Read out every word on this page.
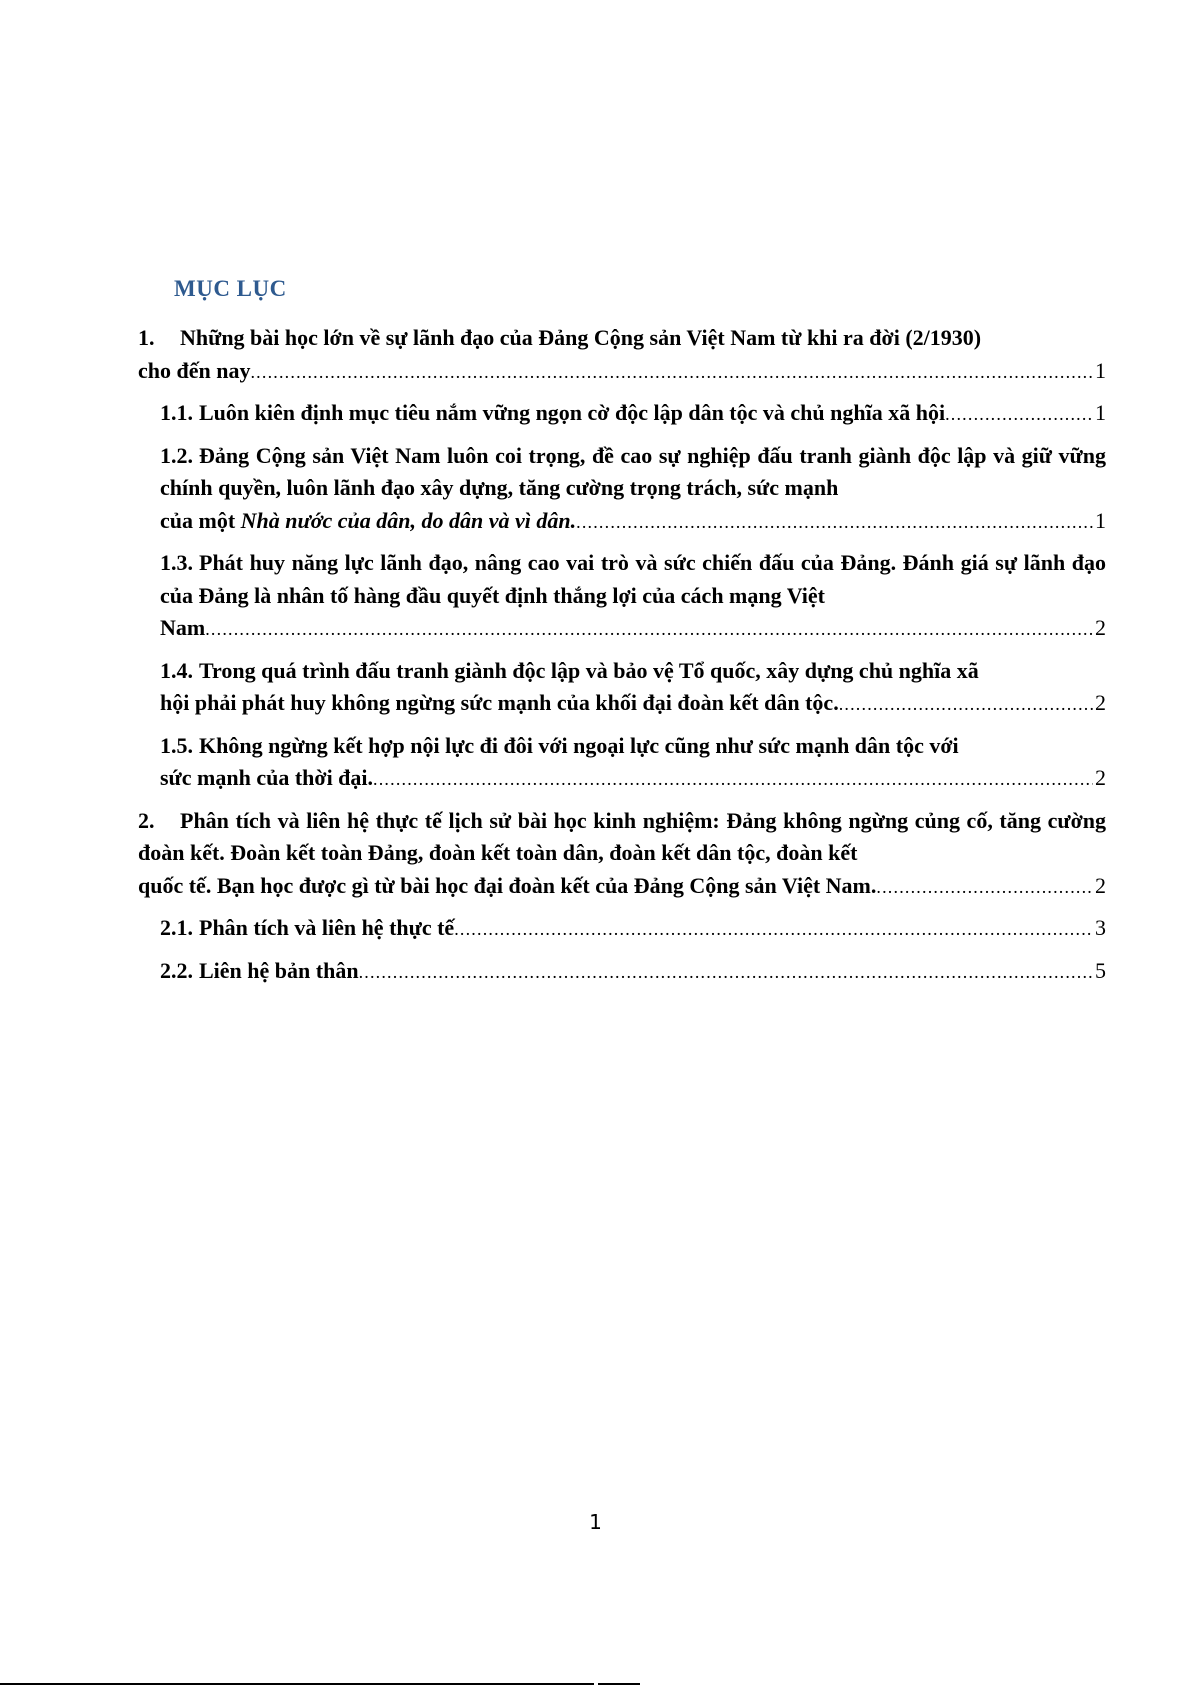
MỤC LỤC
1. Những bài học lớn về sự lãnh đạo của Đảng Cộng sản Việt Nam từ khi ra đời (2/1930)
cho đến nay .....	1
1.1. Luôn kiên định mục tiêu nắm vững ngọn cờ độc lập dân tộc và chủ nghĩa xã hội .....	1
1.2. Đảng Cộng sản Việt Nam luôn coi trọng, đề cao sự nghiệp đấu tranh giành độc lập và giữ vững chính quyền, luôn lãnh đạo xây dựng, tăng cường trọng trách, sức mạnh
của một Nhà nước của dân, do dân và vì dân. .....	1
1.3. Phát huy năng lực lãnh đạo, nâng cao vai trò và sức chiến đấu của Đảng. Đánh giá sự lãnh đạo của Đảng là nhân tố hàng đầu quyết định thắng lợi của cách mạng Việt
Nam .....	2
1.4. Trong quá trình đấu tranh giành độc lập và bảo vệ Tổ quốc, xây dựng chủ nghĩa xã
hội phải phát huy không ngừng sức mạnh của khối đại đoàn kết dân tộc. .....	2
1.5. Không ngừng kết hợp nội lực đi đôi với ngoại lực cũng như sức mạnh dân tộc với
sức mạnh của thời đại. .....	2
2. Phân tích và liên hệ thực tế lịch sử bài học kinh nghiệm: Đảng không ngừng củng cố, tăng cường đoàn kết. Đoàn kết toàn Đảng, đoàn kết toàn dân, đoàn kết dân tộc, đoàn kết
quốc tế. Bạn học được gì từ bài học đại đoàn kết của Đảng Cộng sản Việt Nam. .....	2
2.1. Phân tích và liên hệ thực tế .....	3
2.2. Liên hệ bản thân .....	5
1
